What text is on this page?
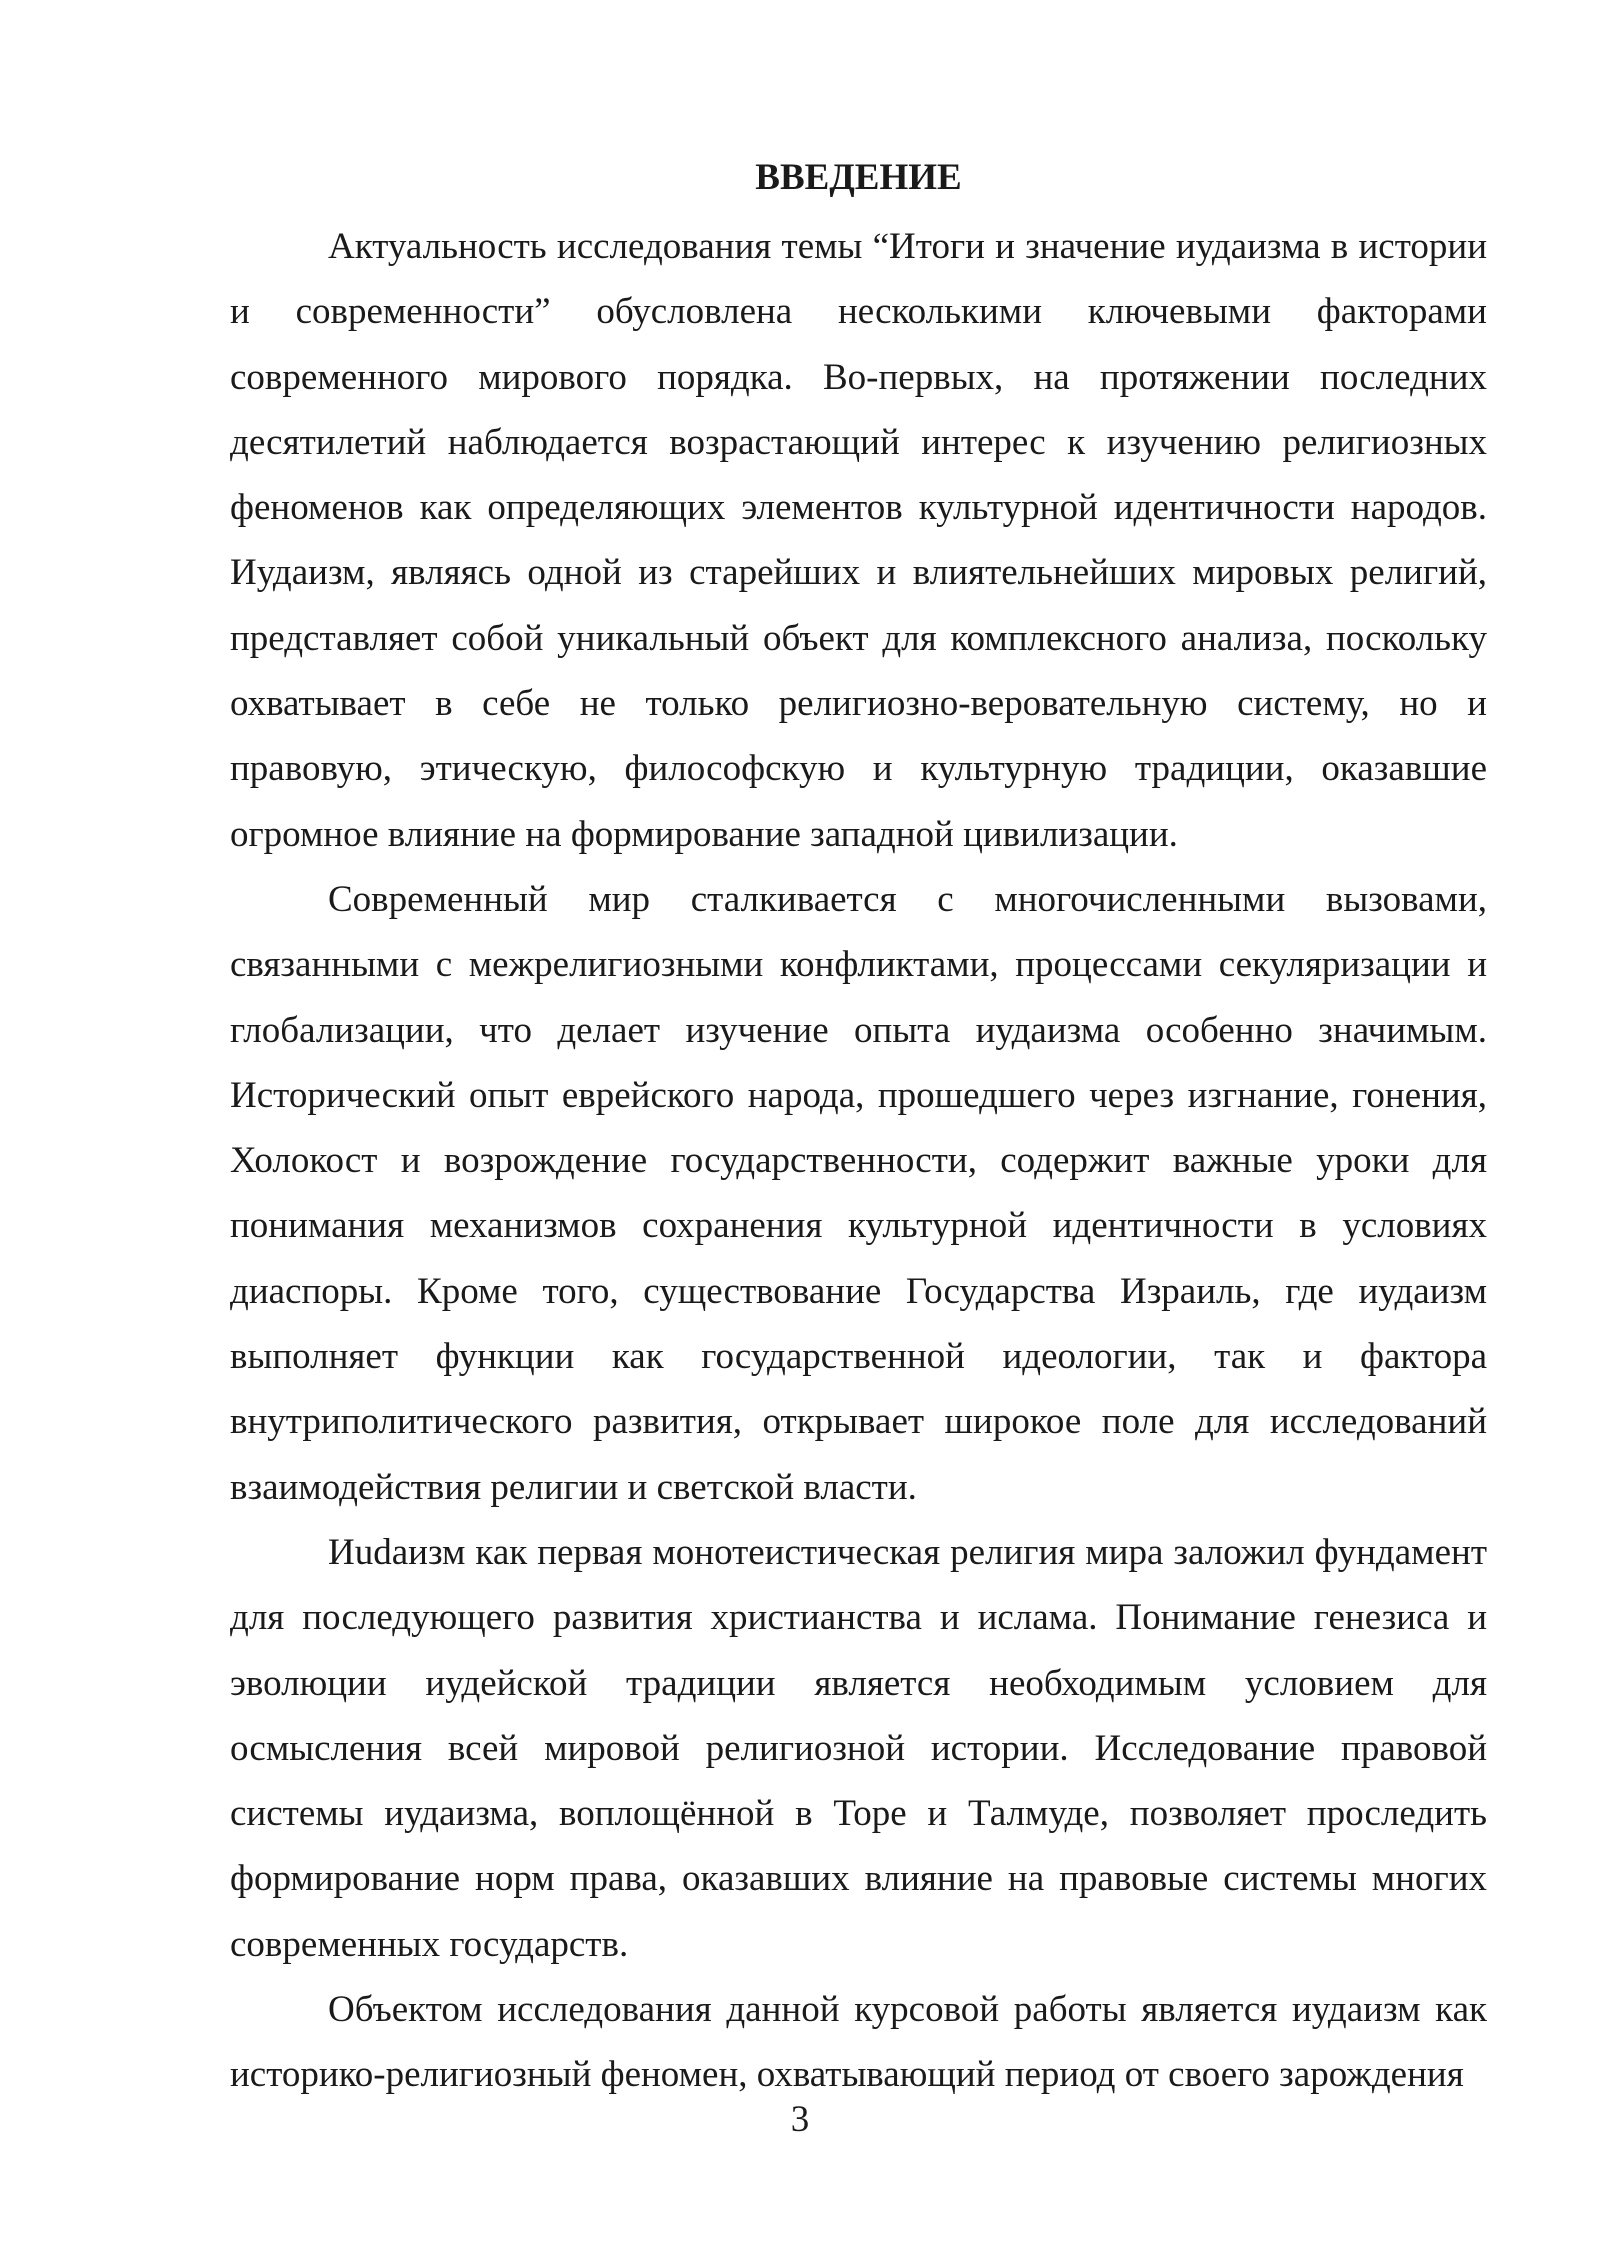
ВВЕДЕНИЕ

Актуальность исследования темы “Итоги и значение иудаизма в истории и современности” обусловлена несколькими ключевыми факторами современного мирового порядка. Во-первых, на протяжении последних десятилетий наблюдается возрастающий интерес к изучению религиозных феноменов как определяющих элементов культурной идентичности народов. Иудаизм, являясь одной из старейших и влиятельнейших мировых религий, представляет собой уникальный объект для комплексного анализа, поскольку охватывает в себе не только религиозно-веровательную систему, но и правовую, этическую, философскую и культурную традиции, оказавшие огромное влияние на формирование западной цивилизации.

Современный мир сталкивается с многочисленными вызовами, связанными с межрелигиозными конфликтами, процессами секуляризации и глобализации, что делает изучение опыта иудаизма особенно значимым. Исторический опыт еврейского народа, прошедшего через изгнание, гонения, Холокост и возрождение государственности, содержит важные уроки для понимания механизмов сохранения культурной идентичности в условиях диаспоры. Кроме того, существование Государства Израиль, где иудаизм выполняет функции как государственной идеологии, так и фактора внутриполитического развития, открывает широкое поле для исследований взаимодействия религии и светской власти.

Иudaизм как первая монотеистическая религия мира заложил фундамент для последующего развития христианства и ислама. Понимание генезиса и эволюции иудейской традиции является необходимым условием для осмысления всей мировой религиозной истории. Исследование правовой системы иудаизма, воплощённой в Торе и Талмуде, позволяет проследить формирование норм права, оказавших влияние на правовые системы многих современных государств.

Объектом исследования данной курсовой работы является иудаизм как историко-религиозный феномен, охватывающий период от своего зарождения

3
